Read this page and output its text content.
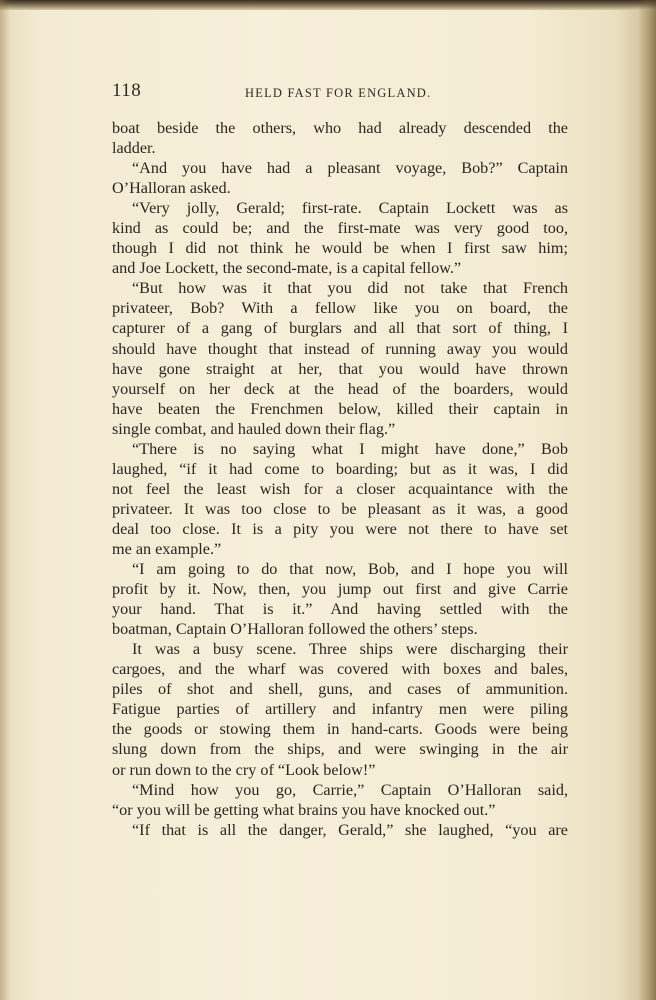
118	HELD FAST FOR ENGLAND.

boat beside the others, who had already descended the

ladder.

“And you have had a pleasant voyage, Bob?” Captain

O’Halloran asked.

“Very jolly, Gerald; first-rate. Captain Lockett was as

kind as could be; and the first-mate was very good too,

though I did not think he would be when I first saw him;

and Joe Lockett, the second-mate, is a capital fellow.”

“But how was it that you did not take that French

privateer, Bob? With a fellow like you on board, the

capturer of a gang of burglars and all that sort of thing, I

should have thought that instead of running away you would

have gone straight at her, that you would have thrown

yourself on her deck at the head of the boarders, would

have beaten the Frenchmen below, killed their captain in

single combat, and hauled down their flag.”

“There is no saying what I might have done,” Bob

laughed, “if it had come to boarding; but as it was, I did

not feel the least wish for a closer acquaintance with the

privateer. It was too close to be pleasant as it was, a good

deal too close. It is a pity you were not there to have set

me an example.”

“I am going to do that now, Bob, and I hope you will

profit by it. Now, then, you jump out first and give Carrie

your hand. That is it.” And having settled with the

boatman, Captain O’Halloran followed the others’ steps.

It was a busy scene. Three ships were discharging their

cargoes, and the wharf was covered with boxes and bales,

piles of shot and shell, guns, and cases of ammunition.

Fatigue parties of artillery and infantry men were piling

the goods or stowing them in hand-carts. Goods were being

slung down from the ships, and were swinging in the air

or run down to the cry of “Look below!”

“Mind how you go, Carrie,” Captain O’Halloran said,

“or you will be getting what brains you have knocked out.”

“If that is all the danger, Gerald,” she laughed, “you are
